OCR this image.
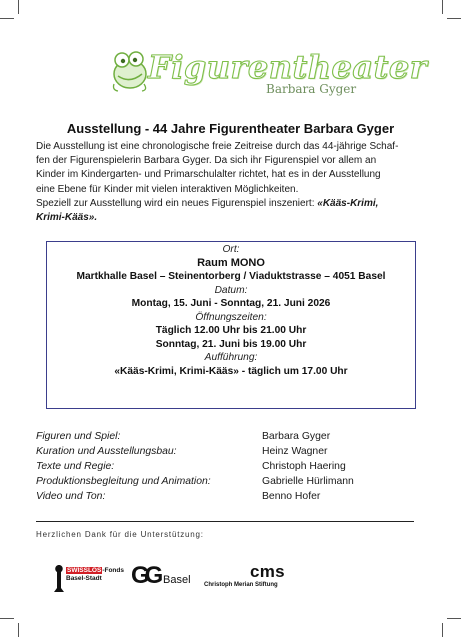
Figurentheater
Barbara Gyger
Ausstellung - 44 Jahre Figurentheater Barbara Gyger
Die Ausstellung ist eine chronologische freie Zeitreise durch das 44-jährige Schaf-
fen der Figurenspielerin Barbara Gyger. Da sich ihr Figurenspiel vor allem an
Kinder im Kindergarten- und Primarschulalter richtet, hat es in der Ausstellung
eine Ebene für Kinder mit vielen interaktiven Möglichkeiten.
Speziell zur Ausstellung wird ein neues Figurenspiel inszeniert: «Kääs-Krimi,
Krimi-Kääs».
Ort:
Raum MONO
Martkhalle Basel – Steinentorberg / Viaduktstrasse – 4051 Basel
Datum:
Montag, 15. Juni - Sonntag, 21. Juni 2026
Öffnungszeiten:
Täglich 12.00 Uhr bis 21.00 Uhr
Sonntag, 21. Juni bis 19.00 Uhr
Aufführung:
«Kääs-Krimi, Krimi-Kääs» - täglich um 17.00 Uhr
Figuren und Spiel:	Barbara Gyger
Kuration und Ausstellungsbau:	Heinz Wagner
Texte und Regie:	Christoph Haering
Produktionsbegleitung und Animation:	Gabrielle Hürlimann
Video und Ton:	Benno Hofer
Herzlichen Dank für die Unterstützung:
SWISSLOS-Fonds
Basel-Stadt	GG Basel	cms
Christoph Merian Stiftung
